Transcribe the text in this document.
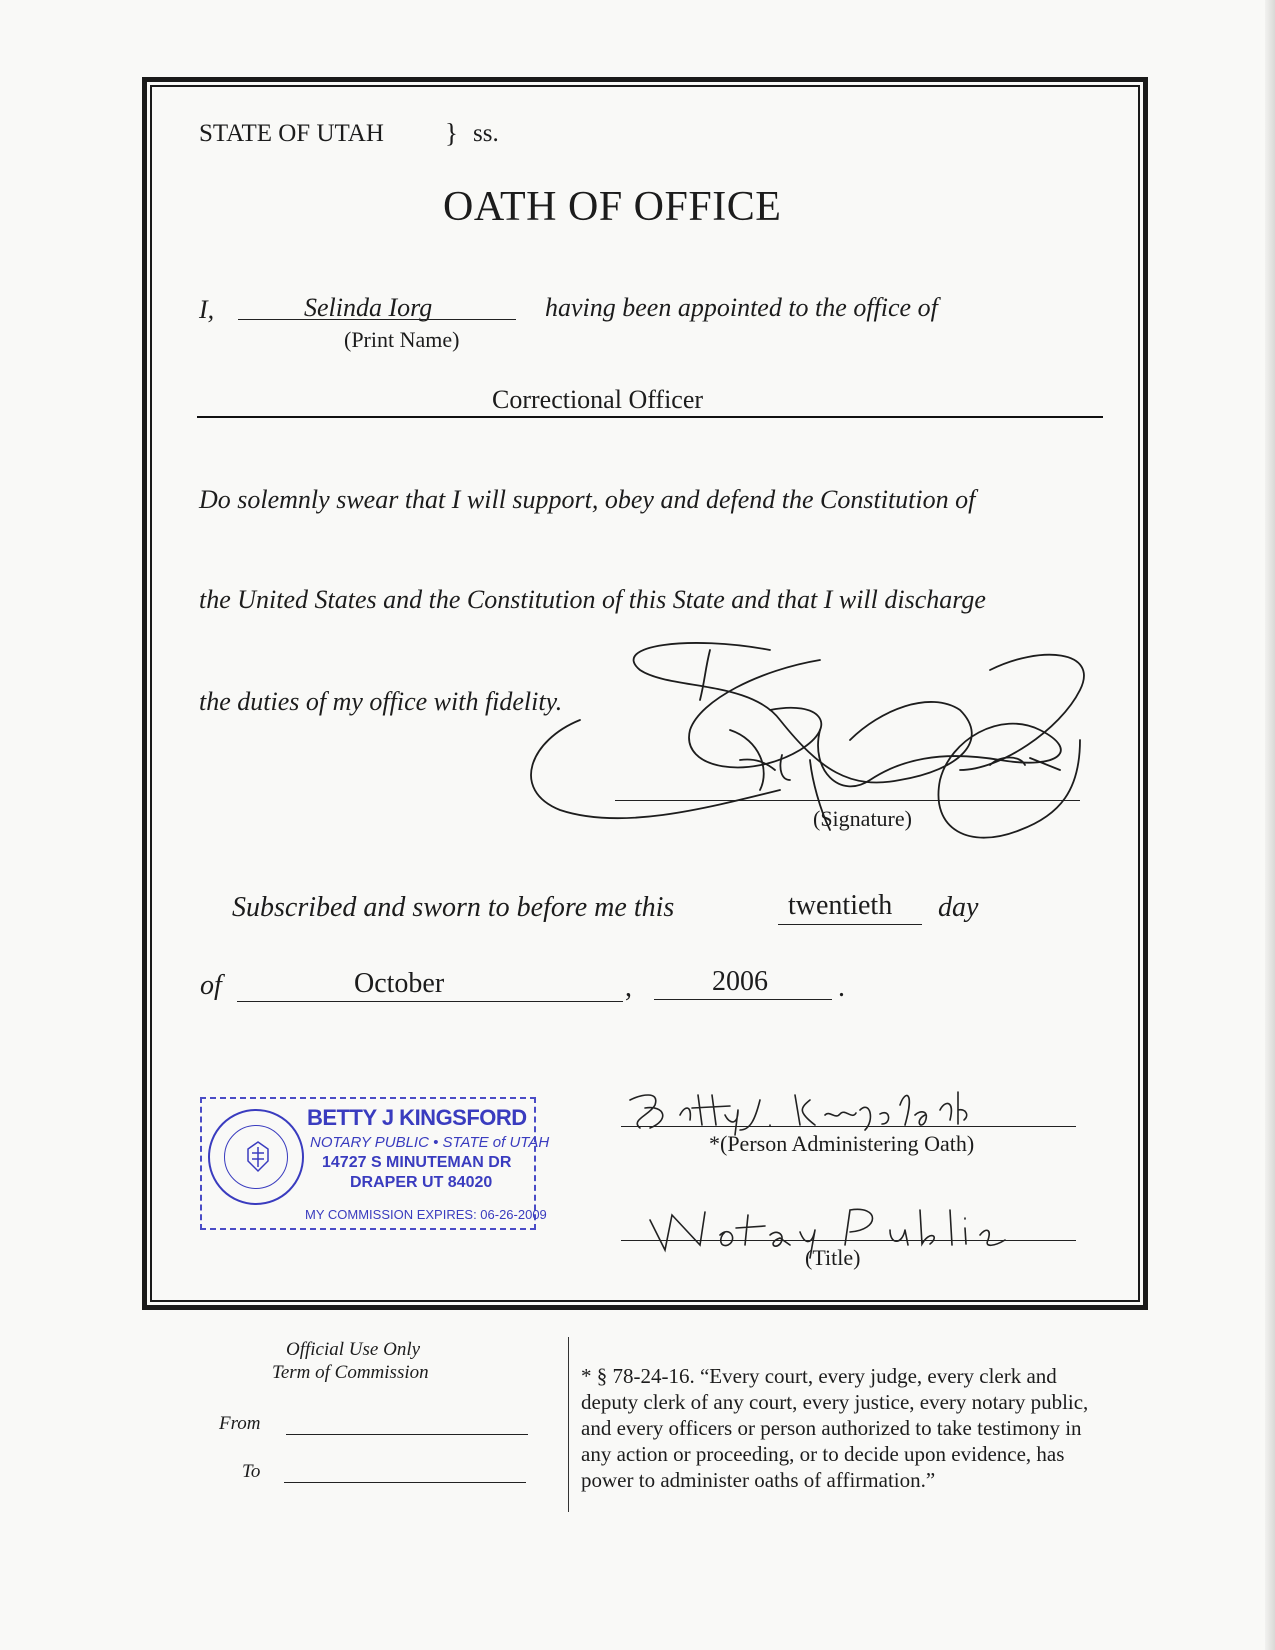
STATE OF UTAH } ss.
OATH OF OFFICE
I,	Selinda Iorg
(Print Name)
having been appointed to the office of
Correctional Officer
Do solemnly swear that I will support, obey and defend the Constitution of
the United States and the Constitution of this State and that I will discharge
the duties of my office with fidelity.
(Signature)
Subscribed and sworn to before me this	twentieth day
of	October	,	2006	.
BETTY J KINGSFORD
NOTARY PUBLIC • STATE of UTAH
14727 S MINUTEMAN DR
DRAPER UT 84020
MY COMMISSION EXPIRES: 06-26-2009
*(Person Administering Oath)
(Title)
Official Use Only
Term of Commission
From
To
* § 78-24-16. “Every court, every judge, every clerk and
deputy clerk of any court, every justice, every notary public,
and every officers or person authorized to take testimony in
any action or proceeding, or to decide upon evidence, has
power to administer oaths of affirmation.”
